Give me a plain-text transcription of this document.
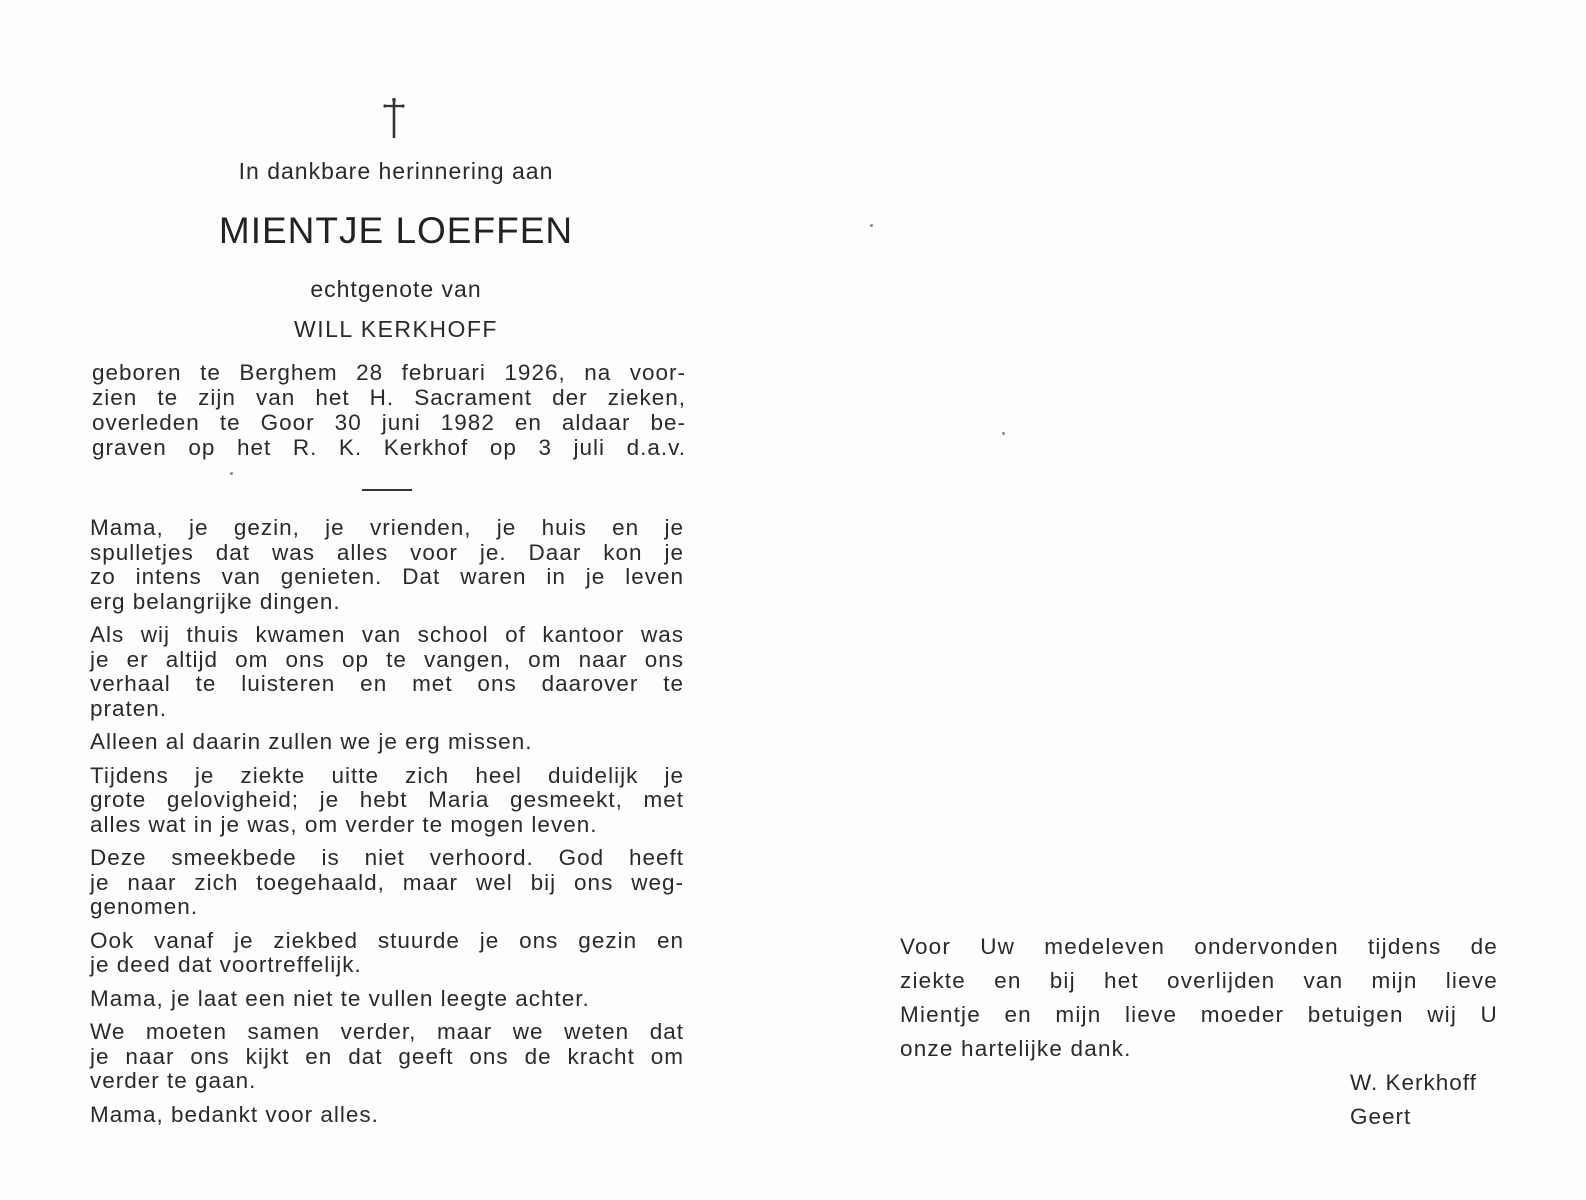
In dankbare herinnering aan
MIENTJE LOEFFEN
echtgenote van
WILL KERKHOFF
geboren te Berghem 28 februari 1926, na voor-
zien te zijn van het H. Sacrament der zieken,
overleden te Goor 30 juni 1982 en aldaar be-
graven op het R. K. Kerkhof op 3 juli d.a.v.
Mama, je gezin, je vrienden, je huis en je
spulletjes dat was alles voor je. Daar kon je
zo intens van genieten. Dat waren in je leven
erg belangrijke dingen.
Als wij thuis kwamen van school of kantoor was
je er altijd om ons op te vangen, om naar ons
verhaal te luisteren en met ons daarover te
praten.
Alleen al daarin zullen we je erg missen.
Tijdens je ziekte uitte zich heel duidelijk je
grote gelovigheid; je hebt Maria gesmeekt, met
alles wat in je was, om verder te mogen leven.
Deze smeekbede is niet verhoord. God heeft
je naar zich toegehaald, maar wel bij ons weg-
genomen.
Ook vanaf je ziekbed stuurde je ons gezin en
je deed dat voortreffelijk.
Mama, je laat een niet te vullen leegte achter.
We moeten samen verder, maar we weten dat
je naar ons kijkt en dat geeft ons de kracht om
verder te gaan.
Mama, bedankt voor alles.
Voor Uw medeleven ondervonden tijdens de
ziekte en bij het overlijden van mijn lieve
Mientje en mijn lieve moeder betuigen wij U
onze hartelijke dank.
W. Kerkhoff
Geert
